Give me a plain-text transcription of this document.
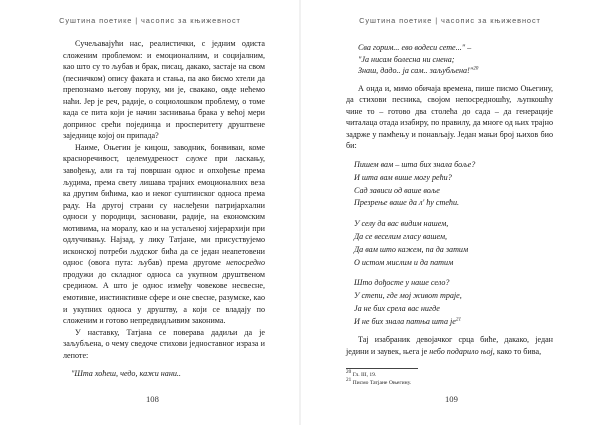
Суштина поетике | часопис за књижевност

Сучељавајући нас, реалистички, с једним одиста сложеним проблемом: и емоционалним, и социјалним, као што су то љубав и брак, писац, дакако, застаје на свом (песничком) опису факата и стања, па ако бисмо хтели да препознамо његову поруку, ми је, свакако, овде нећемо наћи. Јер је реч, радије, о социолошком проблему, о томе када се пита који је начин заснивања брака у већој мери допринос срећи појединца и просперитету друштвене заједнице којој он припада?

Наиме, Оњегин је кицош, заводник, бонвиван, коме красноречивост, целемудреност служе при ласкању, завођењу, али га тај површан однос и опхођење према људима, према свету лишава трајних емоционалних веза ка другим бићима, као и неког суштинског односа према раду. На другој страни су наслеђени патријархални односи у породици, засновани, радије, на економским мотивима, на моралу, као и на устаљеној хијерархији при одлучивању. Најзад, у лику Татјане, ми присуствујемо исконској потреби људског бића да се један неапетовени однос (овога пута: љубав) према другоме непосредно продужи до складног односа са укупном друштвеном средином. А што је однос између човекове несвесне, емотивне, инстинктивне сфере и оне свесне, разумске, као и укупних односа у друштву, а који се владају по сложеним и готово непредвидљивим законима.

У наставку, Татјана се поверава дадиљи да је заљубљена, о чему сведоче стихови једноставног израза и лепоте:

"Шта хоћеш, чедо, кажи нани..
108
Суштина поетике | часопис за књижевност

Сва горим... ево водеси сете..." –

"Ја нисам болесна ни снена;

Знаш, дадо.. ја сам.. заљубљена!"$^{20}$

А онда и, мимо обичаја времена, пише писмо Оњегину, да стихови песника, својом непосредношћу, љупкошћу чине то – готово два столећа до сада – да генерације читалаца отада изабиру, по правилу, да многе од њих трајно задрже у памћењу и понављају. Један мањи број њихов био би:

Пишем вам – шта бих знала боље?

И шта вам више могу рећи?

Сад зависи од ваше воље

Презрење ваше да л' ћу стећи.

У селу да вас видим нашем,

Да се веселим гласу вашем,

Да вам што кажем, па да затим

О истом мислим и да патим

Што дођосте у наше село?

У степи, где мој живот траје,

Ја не бих срела вас нигде

И не бих знала патња шта је$^{21}$

Тај изабраник девојачког срца биће, дакако, један једини и заувек, њега је небо подарило њој, како то бива,

20 Гл. III, 19.

21 Писмо Татјане Оњегину.

109
